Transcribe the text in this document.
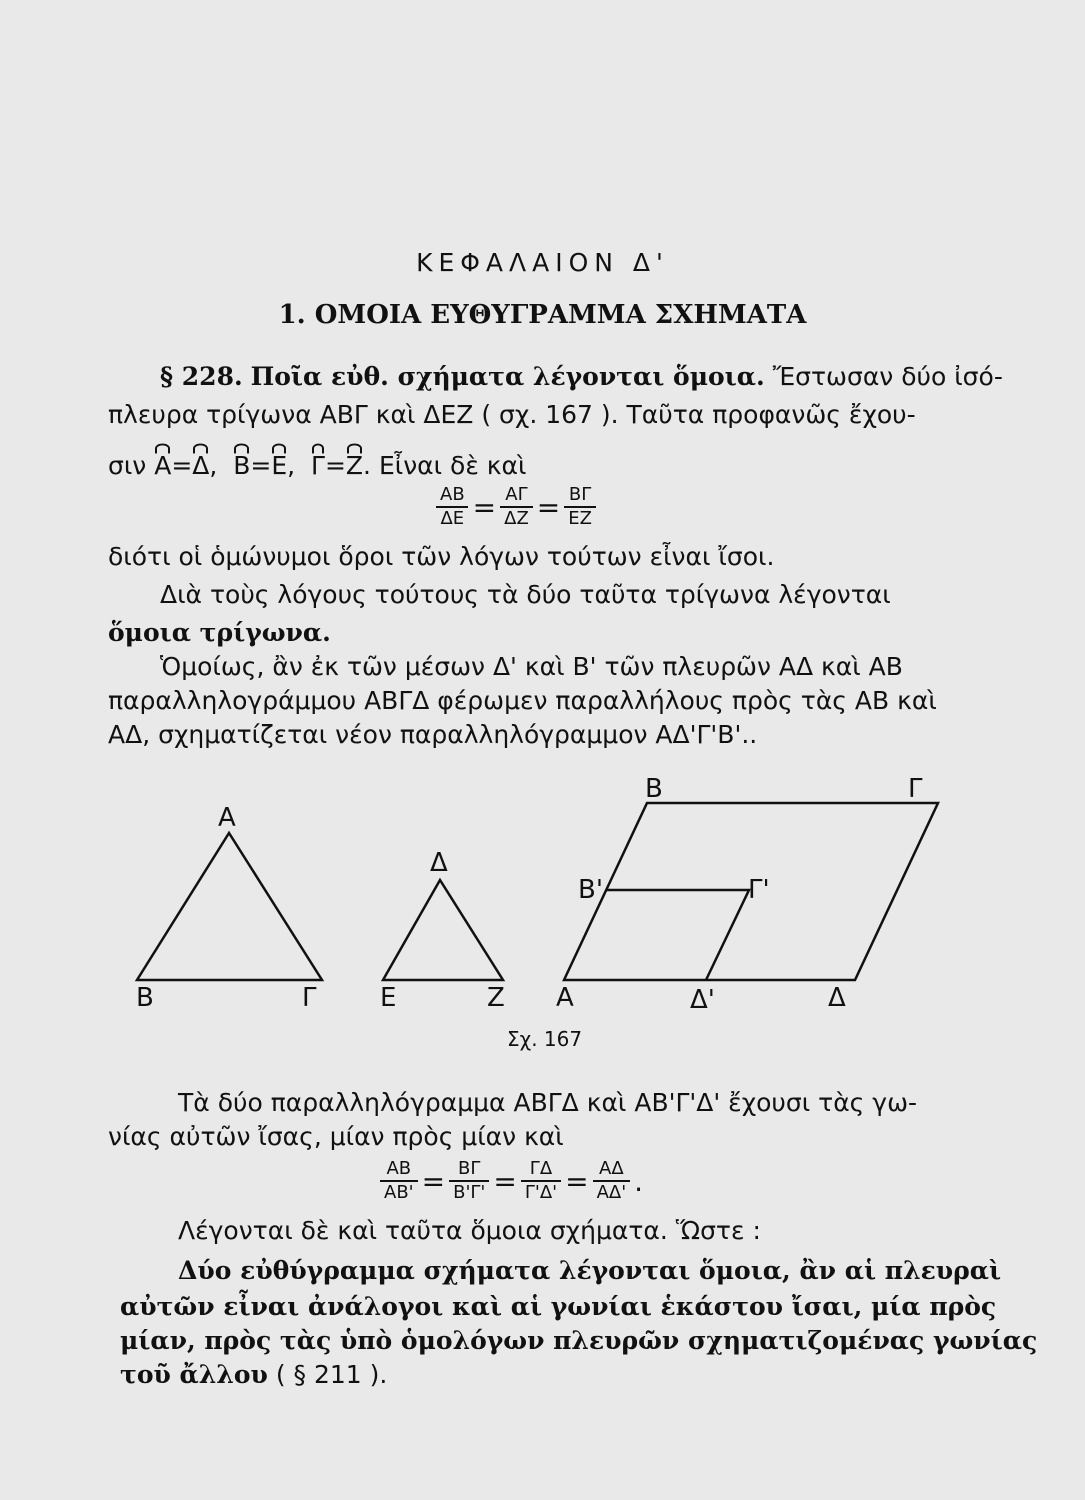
ΚΕΦΑΛΑΙΟΝ Δ'
1. ΟΜΟΙΑ ΕΥΘΥΓΡΑΜΜΑ ΣΧΗΜΑΤΑ
§ 228. Ποῖα εὐθ. σχήματα λέγονται ὅμοια. Ἔστωσαν δύο ἰσό-
πλευρα τρίγωνα ΑΒΓ καὶ ΔΕΖ ( σχ. 167 ). Ταῦτα προφανῶς ἔχου-
σιν Α=Δ,  Β=Ε,  Γ=Ζ. Εἶναι δὲ καὶ
$\frac{AB}{\Delta E} = \frac{A\Gamma}{\Delta Z} = \frac{B\Gamma}{EZ}$
διότι οἱ ὁμώνυμοι ὅροι τῶν λόγων τούτων εἶναι ἴσοι.
Διὰ τοὺς λόγους τούτους τὰ δύο ταῦτα τρίγωνα λέγονται
ὅμοια τρίγωνα.
Ὁμοίως, ἂν ἐκ τῶν μέσων Δ' καὶ Β' τῶν πλευρῶν ΑΔ καὶ ΑΒ
παραλληλογράμμου ΑΒΓΔ φέρωμεν παραλλήλους πρὸς τὰς ΑΒ καὶ
ΑΔ, σχηματίζεται νέον παραλληλόγραμμον ΑΔ'Γ'Β'..
Α
Β	Γ
Δ
Ε	Ζ Α
Β	Γ
Δ
Β'	Γ'
Δ'
Σχ. 167
Τὰ δύο παραλληλόγραμμα ΑΒΓΔ καὶ ΑΒ'Γ'Δ' ἔχουσι τὰς γω-
νίας αὐτῶν ἴσας, μίαν πρὸς μίαν καὶ
$\frac{AB}{AB'} = \frac{B\Gamma}{B'\Gamma'} = \frac{\Gamma\Delta}{\Gamma'\Delta'} = \frac{A\Delta}{A\Delta'}$ .
Λέγονται δὲ καὶ ταῦτα ὅμοια σχήματα. Ὥστε :
Δύο εὐθύγραμμα σχήματα λέγονται ὅμοια, ἂν αἱ πλευραὶ
αὐτῶν εἶναι ἀνάλογοι καὶ αἱ γωνίαι ἑκάστου ἴσαι, μία πρὸς
μίαν, πρὸς τὰς ὑπὸ ὁμολόγων πλευρῶν σχηματιζομένας γωνίας
τοῦ ἄλλου ( § 211 ).
